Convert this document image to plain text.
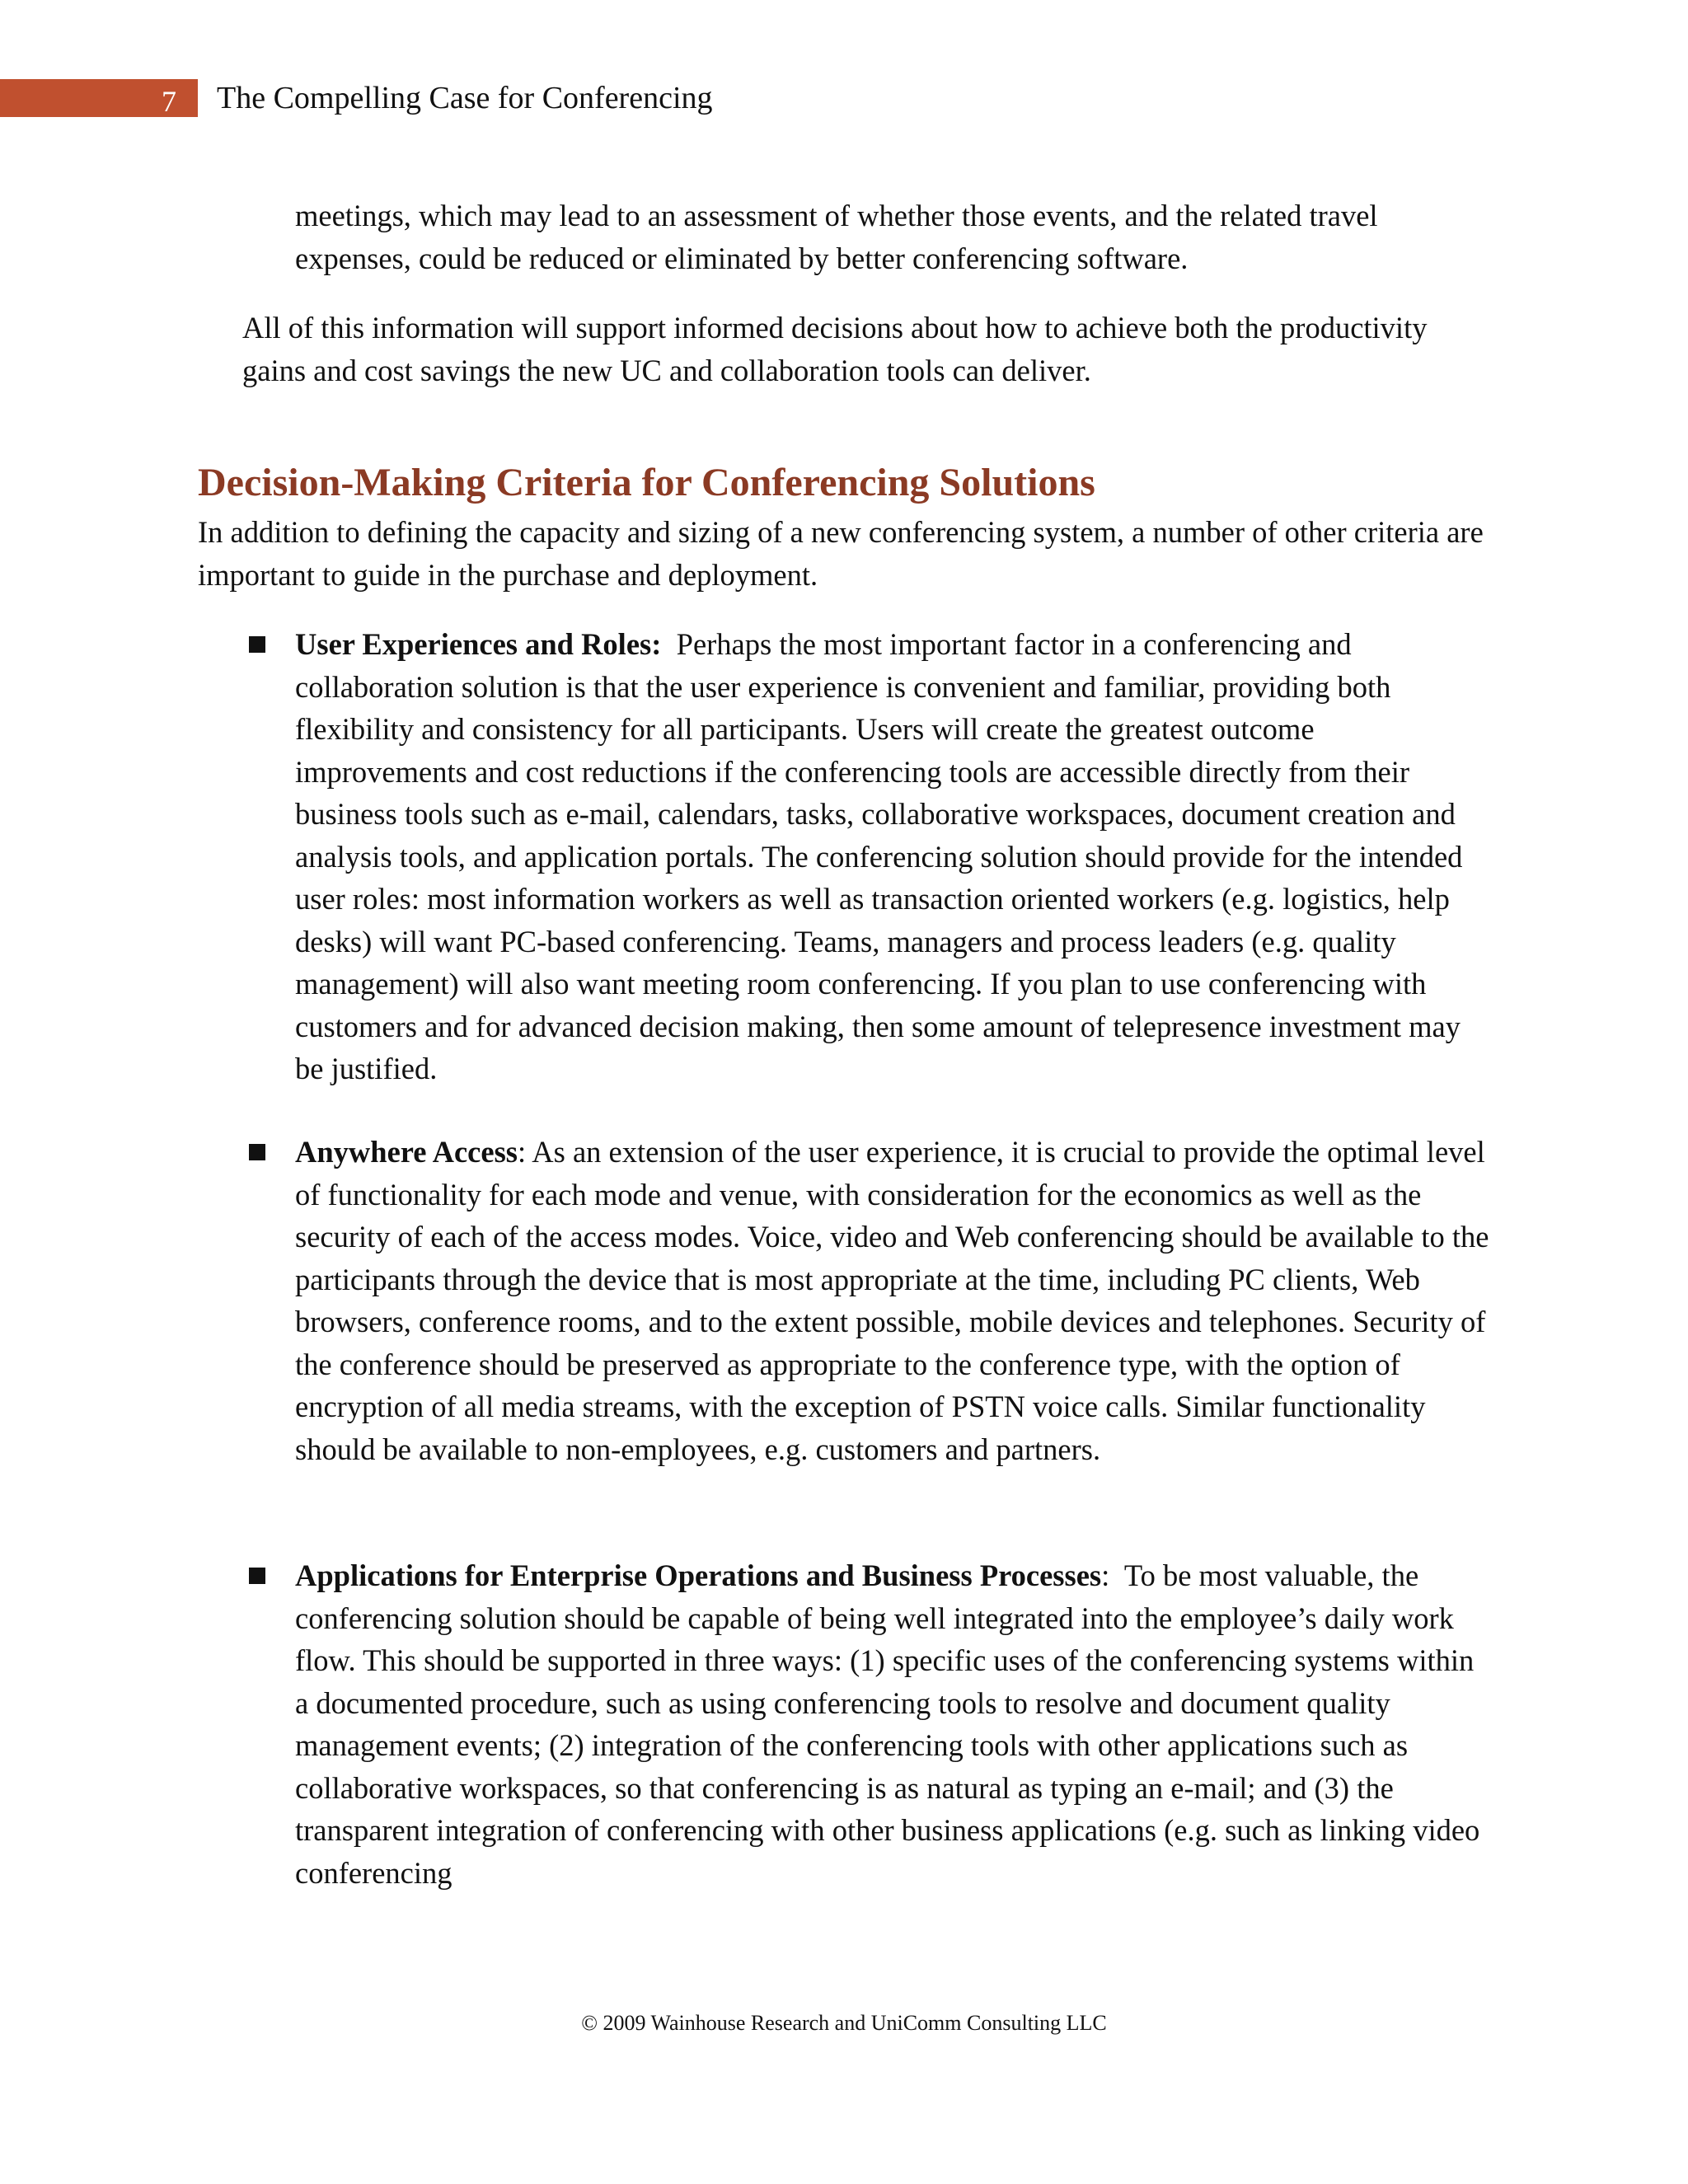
7 The Compelling Case for Conferencing

meetings, which may lead to an assessment of whether those events, and the related travel expenses, could be reduced or eliminated by better conferencing software.

All of this information will support informed decisions about how to achieve both the productivity gains and cost savings the new UC and collaboration tools can deliver.

Decision-Making Criteria for Conferencing Solutions

In addition to defining the capacity and sizing of a new conferencing system, a number of other criteria are important to guide in the purchase and deployment.

User Experiences and Roles: Perhaps the most important factor in a conferencing and collaboration solution is that the user experience is convenient and familiar, providing both flexibility and consistency for all participants. Users will create the greatest outcome improvements and cost reductions if the conferencing tools are accessible directly from their business tools such as e-mail, calendars, tasks, collaborative workspaces, document creation and analysis tools, and application portals. The conferencing solution should provide for the intended user roles: most information workers as well as transaction oriented workers (e.g. logistics, help desks) will want PC-based conferencing. Teams, managers and process leaders (e.g. quality management) will also want meeting room conferencing. If you plan to use conferencing with customers and for advanced decision making, then some amount of telepresence investment may be justified.
Anywhere Access: As an extension of the user experience, it is crucial to provide the optimal level of functionality for each mode and venue, with consideration for the economics as well as the security of each of the access modes. Voice, video and Web conferencing should be available to the participants through the device that is most appropriate at the time, including PC clients, Web browsers, conference rooms, and to the extent possible, mobile devices and telephones. Security of the conference should be preserved as appropriate to the conference type, with the option of encryption of all media streams, with the exception of PSTN voice calls. Similar functionality should be available to non-employees, e.g. customers and partners.
Applications for Enterprise Operations and Business Processes:  To be most valuable, the conferencing solution should be capable of being well integrated into the employee’s daily work flow. This should be supported in three ways: (1) specific uses of the conferencing systems within a documented procedure, such as using conferencing tools to resolve and document quality management events; (2) integration of the conferencing tools with other applications such as collaborative workspaces, so that conferencing is as natural as typing an e-mail; and (3) the transparent integration of conferencing with other business applications (e.g. such as linking video conferencing
© 2009 Wainhouse Research and UniComm Consulting LLC
